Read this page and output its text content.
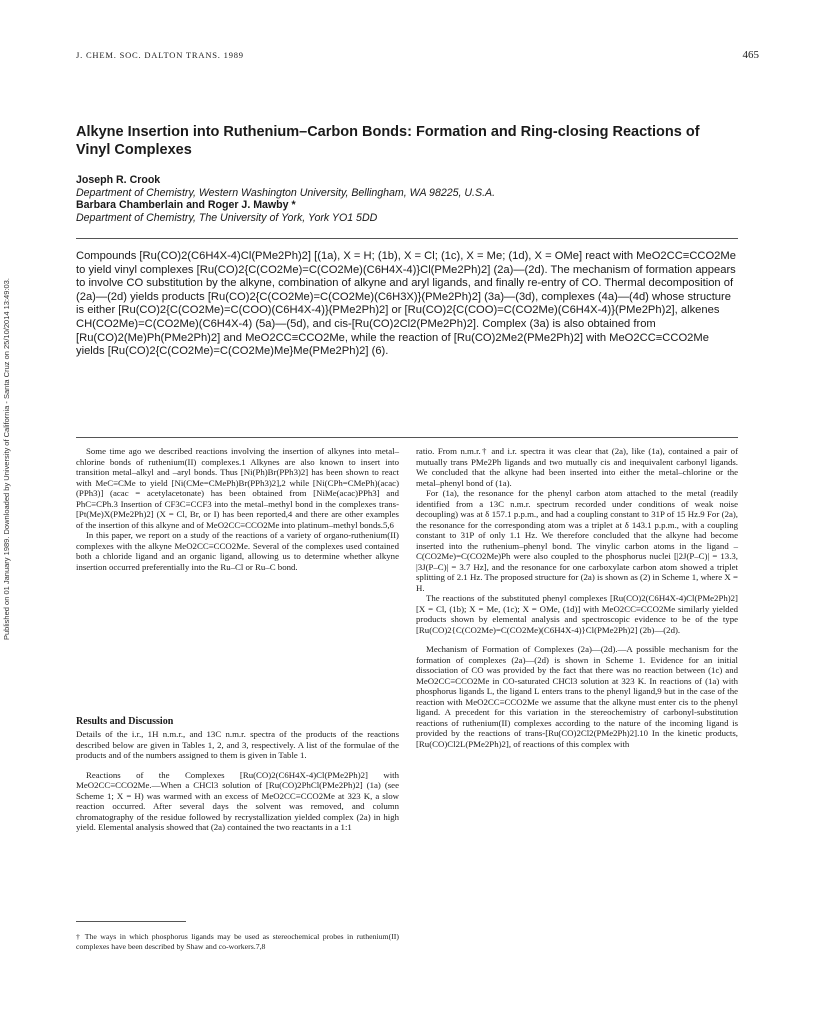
Published on 01 January 1989. Downloaded by University of California - Santa Cruz on 25/10/2014 13:49:03.
J. CHEM. SOC. DALTON TRANS. 1989	465
Alkyne Insertion into Ruthenium–Carbon Bonds: Formation and Ring-closing Reactions of Vinyl Complexes
Joseph R. Crook
Department of Chemistry, Western Washington University, Bellingham, WA 98225, U.S.A.
Barbara Chamberlain and Roger J. Mawby *
Department of Chemistry, The University of York, York YO1 5DD

Compounds [Ru(CO)2(C6H4X-4)Cl(PMe2Ph)2] [(1a), X = H; (1b), X = Cl; (1c), X = Me; (1d), X = OMe] react with MeO2CC≡CCO2Me to yield vinyl complexes [Ru(CO)2{C(CO2Me)=C(CO2Me)(C6H4X-4)}Cl(PMe2Ph)2] (2a)—(2d). The mechanism of formation appears to involve CO substitution by the alkyne, combination of alkyne and aryl ligands, and finally re-entry of CO. Thermal decomposition of (2a)—(2d) yields products [Ru(CO)2{C(CO2Me)=C(CO2Me)(C6H3X)}(PMe2Ph)2] (3a)—(3d), complexes (4a)—(4d) whose structure is either [Ru(CO)2{C(CO2Me)=C(COO)(C6H4X-4)}(PMe2Ph)2] or [Ru(CO)2{C(COO)=C(CO2Me)(C6H4X-4)}(PMe2Ph)2], alkenes CH(CO2Me)=C(CO2Me)(C6H4X-4) (5a)—(5d), and cis-[Ru(CO)2Cl2(PMe2Ph)2]. Complex (3a) is also obtained from [Ru(CO)2(Me)Ph(PMe2Ph)2] and MeO2CC≡CCO2Me, while the reaction of [Ru(CO)2Me2(PMe2Ph)2] with MeO2CC≡CCO2Me yields [Ru(CO)2{C(CO2Me)=C(CO2Me)Me}Me(PMe2Ph)2] (6).

Some time ago we described reactions involving the insertion of alkynes into metal–chlorine bonds of ruthenium(II) complexes.1 Alkynes are also known to insert into transition metal–alkyl and –aryl bonds. Thus [Ni(Ph)Br(PPh3)2] has been shown to react with MeC≡CMe to yield [Ni(CMe=CMePh)Br(PPh3)2],2 while [Ni(CPh=CMePh)(acac)(PPh3)] (acac = acetylacetonate) has been obtained from [NiMe(acac)PPh3] and PhC≡CPh.3 Insertion of CF3C≡CCF3 into the metal–methyl bond in the complexes trans-[Pt(Me)X(PMe2Ph)2] (X = Cl, Br, or I) has been reported,4 and there are other examples of the insertion of this alkyne and of MeO2CC≡CCO2Me into platinum–methyl bonds.5,6

In this paper, we report on a study of the reactions of a variety of organo-ruthenium(II) complexes with the alkyne MeO2CC≡CCO2Me. Several of the complexes used contained both a chloride ligand and an organic ligand, allowing us to determine whether alkyne insertion occurred preferentially into the Ru–Cl or Ru–C bond.

Results and Discussion

Details of the i.r., 1H n.m.r., and 13C n.m.r. spectra of the products of the reactions described below are given in Tables 1, 2, and 3, respectively. A list of the formulae of the products and of the numbers assigned to them is given in Table 1.

Reactions of the Complexes [Ru(CO)2(C6H4X-4)Cl(PMe2Ph)2] with MeO2CC≡CCO2Me.—When a CHCl3 solution of [Ru(CO)2PhCl(PMe2Ph)2] (1a) (see Scheme 1; X = H) was warmed with an excess of MeO2CC≡CCO2Me at 323 K, a slow reaction occurred. After several days the solvent was removed, and column chromatography of the residue followed by recrystallization yielded complex (2a) in high yield. Elemental analysis showed that (2a) contained the two reactants in a 1:1

ratio. From n.m.r.† and i.r. spectra it was clear that (2a), like (1a), contained a pair of mutually trans PMe2Ph ligands and two mutually cis and inequivalent carbonyl ligands. We concluded that the alkyne had been inserted into either the metal–chlorine or the metal–phenyl bond of (1a).

For (1a), the resonance for the phenyl carbon atom attached to the metal (readily identified from a 13C n.m.r. spectrum recorded under conditions of weak noise decoupling) was at δ 157.1 p.p.m., and had a coupling constant to 31P of 15 Hz.9 For (2a), the resonance for the corresponding atom was a triplet at δ 143.1 p.p.m., with a coupling constant to 31P of only 1.1 Hz. We therefore concluded that the alkyne had become inserted into the ruthenium–phenyl bond. The vinylic carbon atoms in the ligand –C(CO2Me)=C(CO2Me)Ph were also coupled to the phosphorus nuclei [|2J(P–C)| = 13.3, |3J(P–C)| = 3.7 Hz], and the resonance for one carboxylate carbon atom showed a triplet splitting of 2.1 Hz. The proposed structure for (2a) is shown as (2) in Scheme 1, where X = H.

The reactions of the substituted phenyl complexes [Ru(CO)2(C6H4X-4)Cl(PMe2Ph)2] [X = Cl, (1b); X = Me, (1c); X = OMe, (1d)] with MeO2CC≡CCO2Me similarly yielded products shown by elemental analysis and spectroscopic evidence to be of the type [Ru(CO)2{C(CO2Me)=C(CO2Me)(C6H4X-4)}Cl(PMe2Ph)2] (2b)—(2d).

Mechanism of Formation of Complexes (2a)—(2d).—A possible mechanism for the formation of complexes (2a)—(2d) is shown in Scheme 1. Evidence for an initial dissociation of CO was provided by the fact that there was no reaction between (1c) and MeO2CC≡CCO2Me in CO-saturated CHCl3 solution at 323 K. In reactions of (1a) with phosphorus ligands L, the ligand L enters trans to the phenyl ligand,9 but in the case of the reaction with MeO2CC≡CCO2Me we assume that the alkyne must enter cis to the phenyl ligand. A precedent for this variation in the stereochemistry of carbonyl-substitution reactions of ruthenium(II) complexes according to the nature of the incoming ligand is provided by the reactions of trans-[Ru(CO)2Cl2(PMe2Ph)2].10 In the kinetic products, [Ru(CO)Cl2L(PMe2Ph)2], of reactions of this complex with

† The ways in which phosphorus ligands may be used as stereochemical probes in ruthenium(II) complexes have been described by Shaw and co-workers.7,8
